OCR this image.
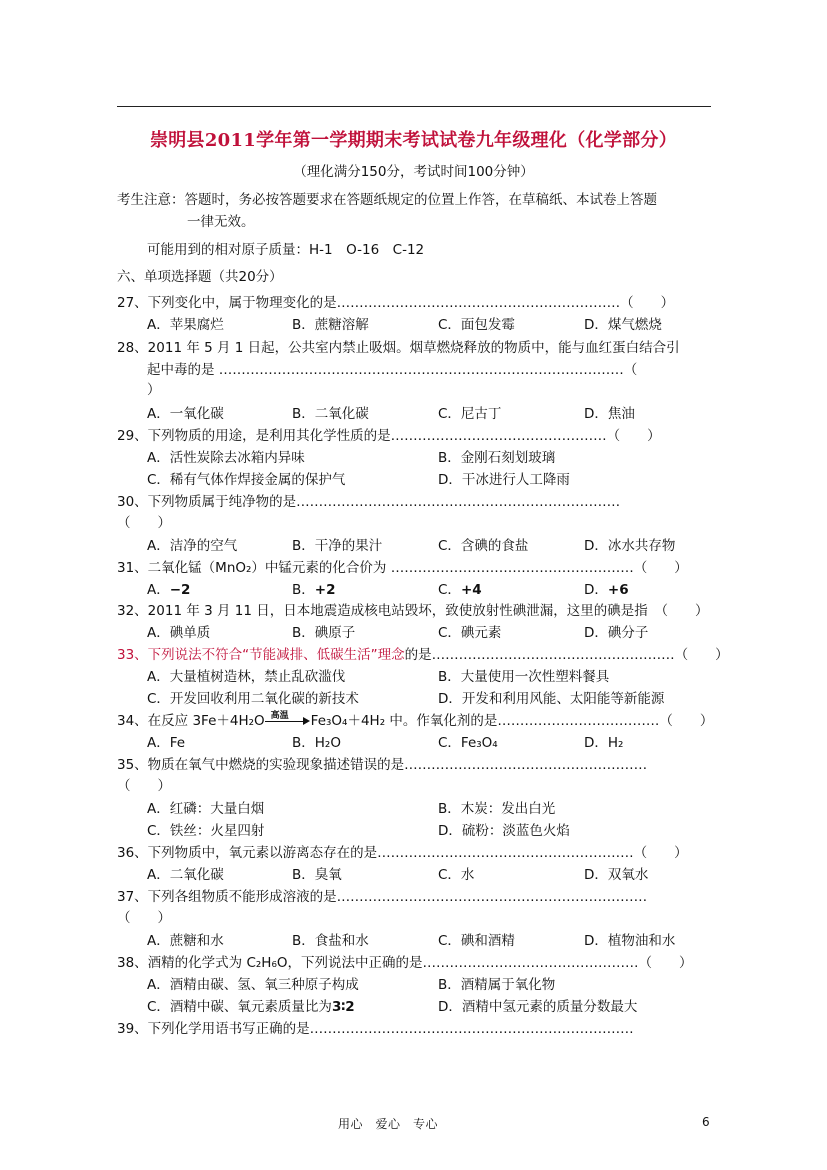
崇明县2011学年第一学期期末考试试卷九年级理化（化学部分）
（理化满分150分，考试时间100分钟）
考生注意：答题时，务必按答题要求在答题纸规定的位置上作答，在草稿纸、本试卷上答题
一律无效。
可能用到的相对原子质量：H-1　O-16　C-12
六、单项选择题（共20分）
27、下列变化中，属于物理变化的是………………………………………………………（　　）
A．苹果腐烂	B．蔗糖溶解	C．面包发霉	D．煤气燃烧
28、2011 年 5 月 1 日起，公共室内禁止吸烟。烟草燃烧释放的物质中，能与血红蛋白结合引
起中毒的是 ………………………………………………………………………………（
）
A．一氧化碳	B．二氧化碳	C．尼古丁	D．焦油
29、下列物质的用途，是利用其化学性质的是…………………………………………（　　）
A．活性炭除去冰箱内异味	B．金刚石刻划玻璃
C．稀有气体作焊接金属的保护气	D．干冰进行人工降雨
30、下列物质属于纯净物的是………………………………………………………………
（　　）
A．洁净的空气	B．干净的果汁	C．含碘的食盐	D．冰水共存物
31、二氧化锰（MnO₂）中锰元素的化合价为 ………………………………………………（　　）
A．−2	B．+2	C．+4	D．+6
32、2011 年 3 月 11 日，日本地震造成核电站毁坏，致使放射性碘泄漏，这里的碘是指　（　　）
A．碘单质	B．碘原子	C．碘元素	D．碘分子
33、下列说法不符合“节能减排、低碳生活”理念的是………………………………………………（　　）
A．大量植树造林，禁止乱砍滥伐	B．大量使用一次性塑料餐具
C．开发回收利用二氧化碳的新技术	D．开发和利用风能、太阳能等新能源
34、在反应 3Fe＋4H₂O 高温 Fe₃O₄＋4H₂ 中。作氧化剂的是………………………………（　　）
A．Fe	B．H₂O	C．Fe₃O₄	D．H₂
35、物质在氧气中燃烧的实验现象描述错误的是………………………………………………
（　　）
A．红磷：大量白烟	B．木炭：发出白光
C．铁丝：火星四射	D．硫粉：淡蓝色火焰
36、下列物质中，氧元素以游离态存在的是…………………………………………………（　　）
A．二氧化碳	B．臭氧	C．水	D．双氧水
37、下列各组物质不能形成溶液的是……………………………………………………………
（　　）
A．蔗糖和水	B．食盐和水	C．碘和酒精	D．植物油和水
38、酒精的化学式为 C₂H₆O，下列说法中正确的是…………………………………………（　　）
A．酒精由碳、氢、氧三种原子构成	B．酒精属于氧化物
C．酒精中碳、氧元素质量比为3∶2	D．酒精中氢元素的质量分数最大
39、下列化学用语书写正确的是………………………………………………………………
用心　爱心　专心	6
